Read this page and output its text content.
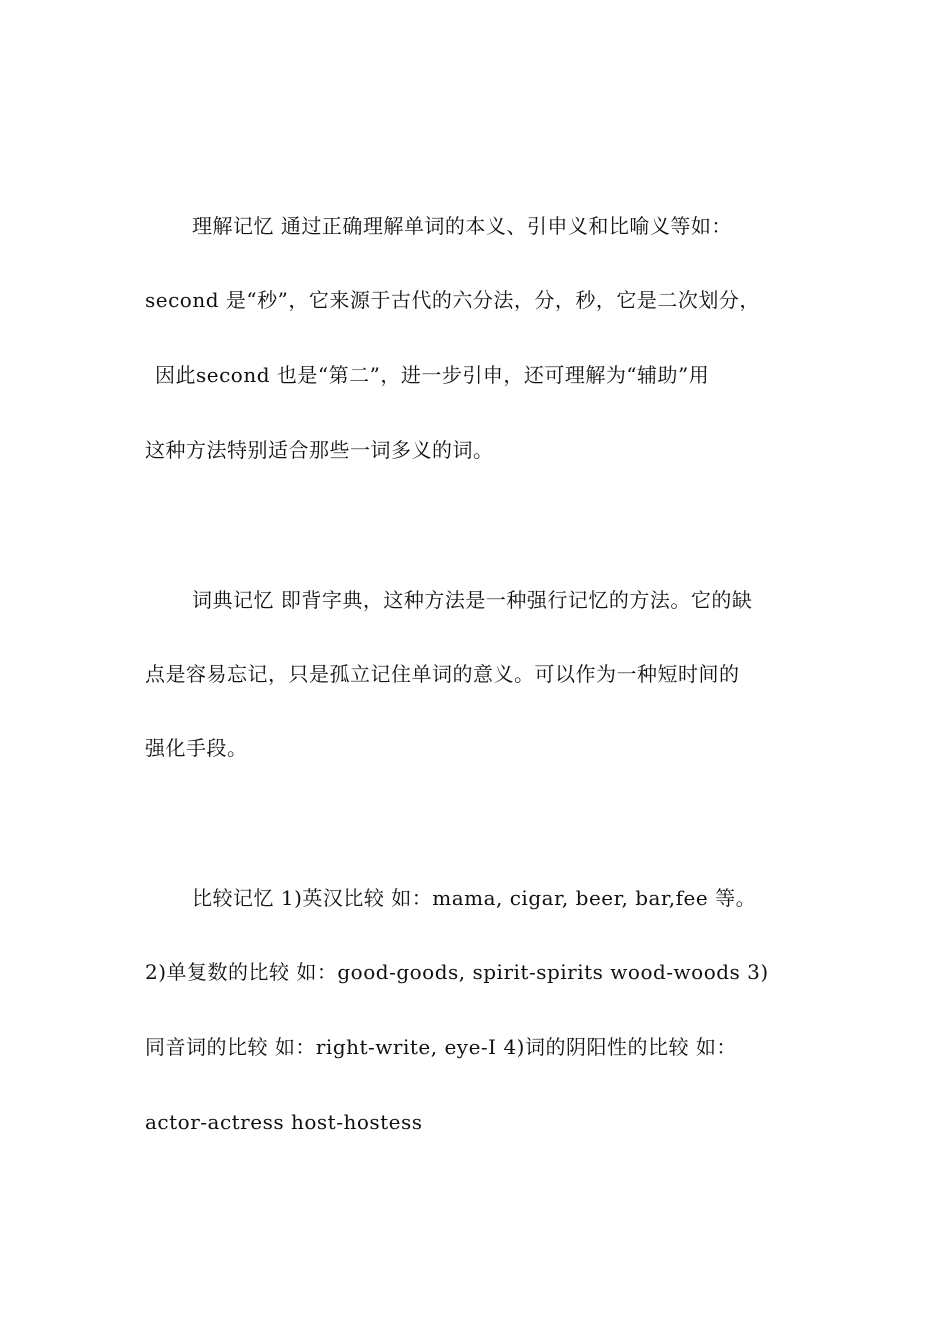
理解记忆 通过正确理解单词的本义、引申义和比喻义等如：
second 是“秒”，它来源于古代的六分法，分，秒，它是二次划分，
因此second 也是“第二”，进一步引申，还可理解为“辅助”用
这种方法特别适合那些一词多义的词。
词典记忆 即背字典，这种方法是一种强行记忆的方法。它的缺
点是容易忘记，只是孤立记住单词的意义。可以作为一种短时间的
强化手段。
比较记忆 1)英汉比较 如：mama, cigar, beer, bar,fee 等。
2)单复数的比较 如：good-goods, spirit-spirits wood-woods 3)
同音词的比较 如：right-write, eye-I 4)词的阴阳性的比较 如：
actor-actress host-hostess
